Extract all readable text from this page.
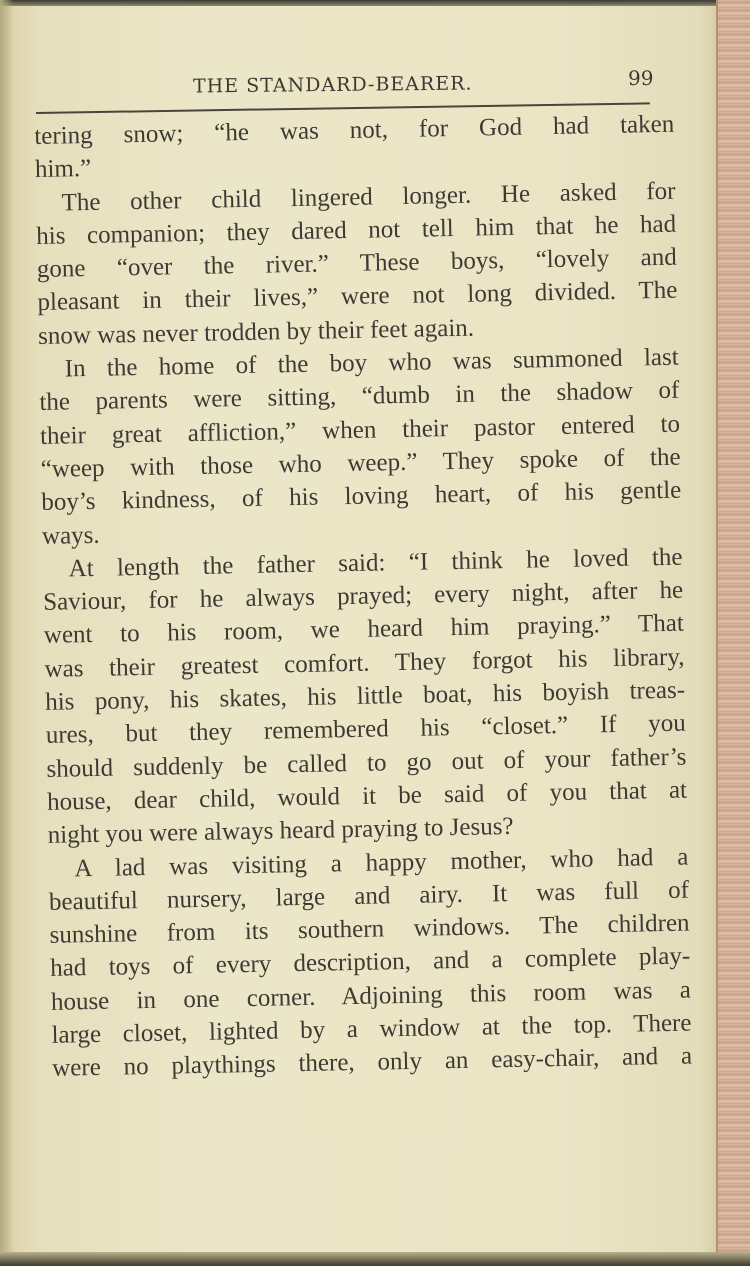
THE STANDARD-BEARER.	99
tering snow; “he was not, for God had taken
him.”
The other child lingered longer. He asked for
his companion; they dared not tell him that he had
gone “over the river.” These boys, “lovely and
pleasant in their lives,” were not long divided. The
snow was never trodden by their feet again.
In the home of the boy who was summoned last
the parents were sitting, “dumb in the shadow of
their great affliction,” when their pastor entered to
“weep with those who weep.” They spoke of the
boy’s kindness, of his loving heart, of his gentle
ways.
At length the father said: “I think he loved the
Saviour, for he always prayed; every night, after he
went to his room, we heard him praying.” That
was their greatest comfort. They forgot his library,
his pony, his skates, his little boat, his boyish treas-
ures, but they remembered his “closet.” If you
should suddenly be called to go out of your father’s
house, dear child, would it be said of you that at
night you were always heard praying to Jesus?
A lad was visiting a happy mother, who had a
beautiful nursery, large and airy. It was full of
sunshine from its southern windows. The children
had toys of every description, and a complete play-
house in one corner. Adjoining this room was a
large closet, lighted by a window at the top. There
were no playthings there, only an easy-chair, and a
